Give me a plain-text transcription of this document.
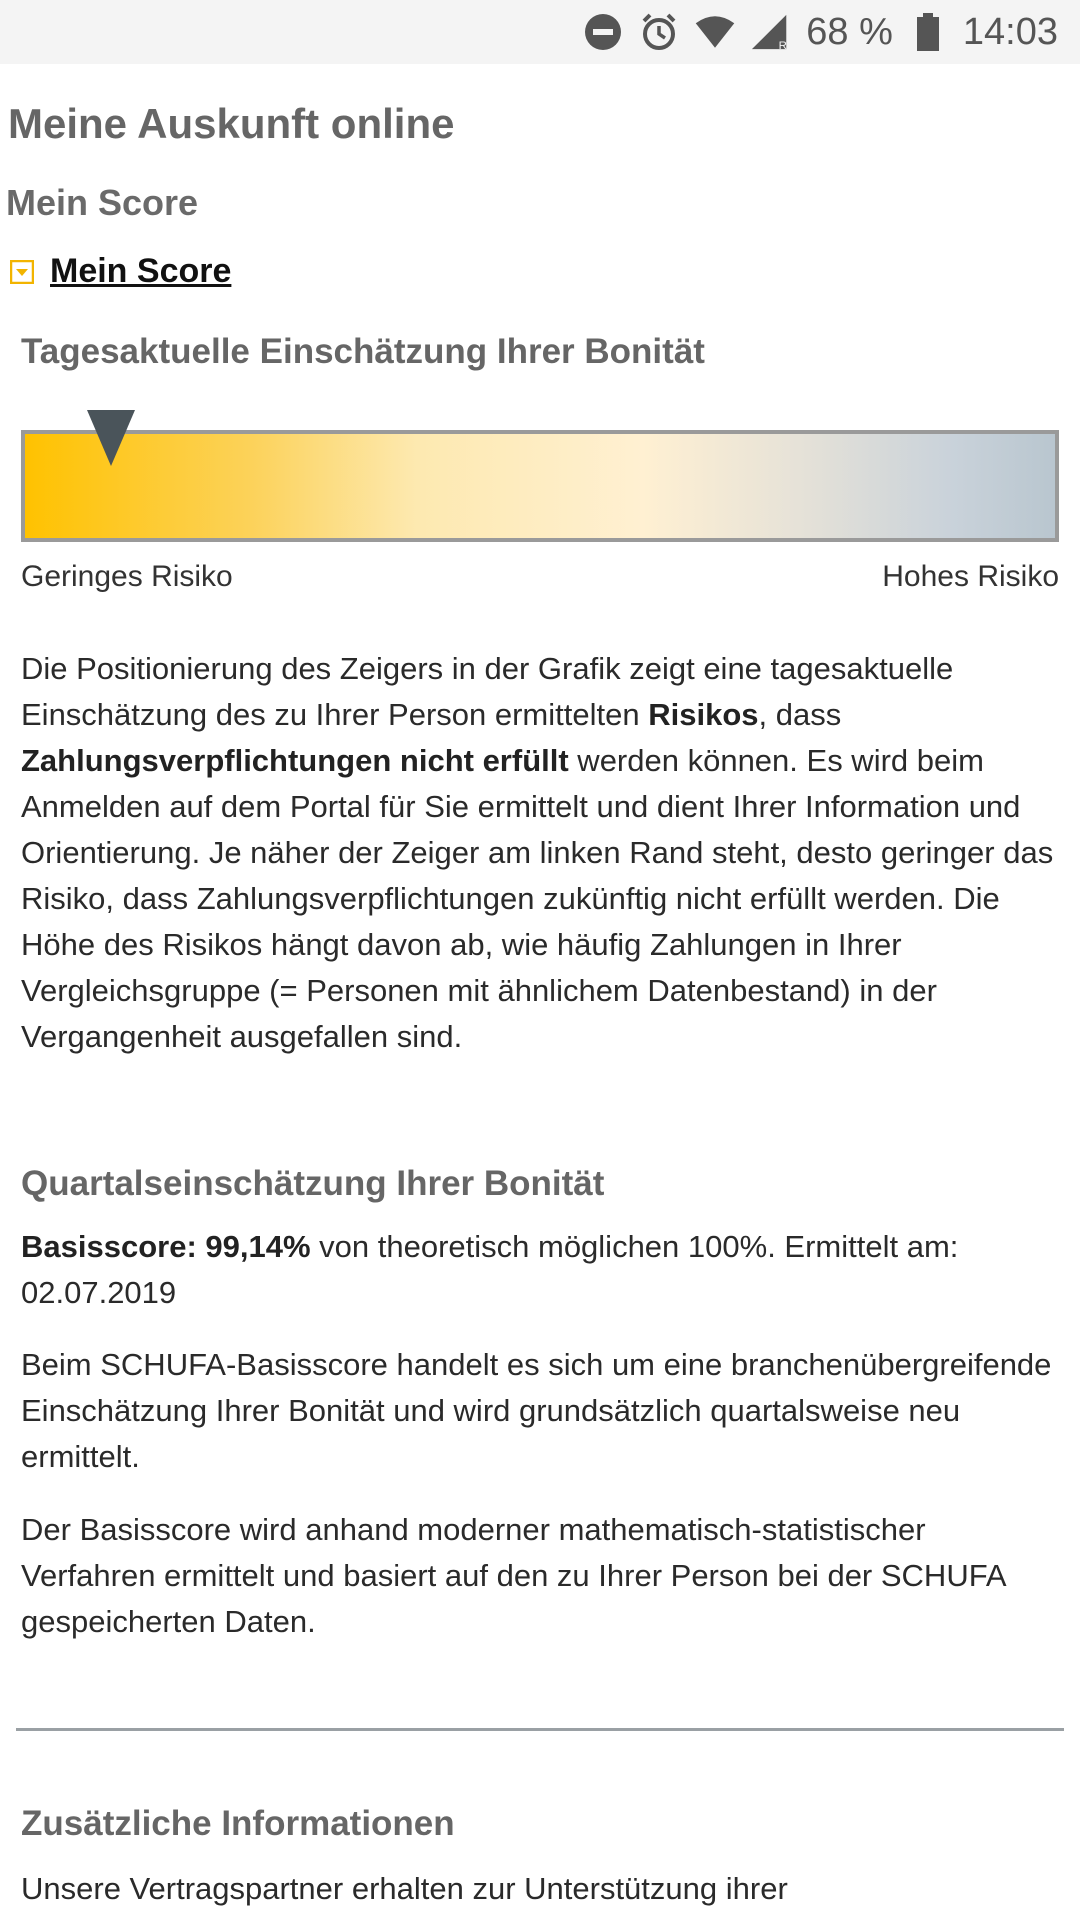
R 68 % 14:03
Meine Auskunft online
Mein Score
Mein Score
Tagesaktuelle Einschätzung Ihrer Bonität
Geringes Risiko	Hohes Risiko
Die Positionierung des Zeigers in der Grafik zeigt eine tagesaktuelle Einschätzung des zu Ihrer Person ermittelten Risikos, dass Zahlungsverpflichtungen nicht erfüllt werden können. Es wird beim Anmelden auf dem Portal für Sie ermittelt und dient Ihrer Information und Orientierung. Je näher der Zeiger am linken Rand steht, desto geringer das Risiko, dass Zahlungsverpflichtungen zukünftig nicht erfüllt werden. Die Höhe des Risikos hängt davon ab, wie häufig Zahlungen in Ihrer Vergleichsgruppe (= Personen mit ähnlichem Datenbestand) in der Vergangenheit ausgefallen sind.
Quartalseinschätzung Ihrer Bonität
Basisscore: 99,14% von theoretisch möglichen 100%. Ermittelt am: 02.07.2019
Beim SCHUFA-Basisscore handelt es sich um eine branchenübergreifende Einschätzung Ihrer Bonität und wird grundsätzlich quartalsweise neu ermittelt.
Der Basisscore wird anhand moderner mathematisch-statistischer Verfahren ermittelt und basiert auf den zu Ihrer Person bei der SCHUFA gespeicherten Daten.
Zusätzliche Informationen
Unsere Vertragspartner erhalten zur Unterstützung ihrer
